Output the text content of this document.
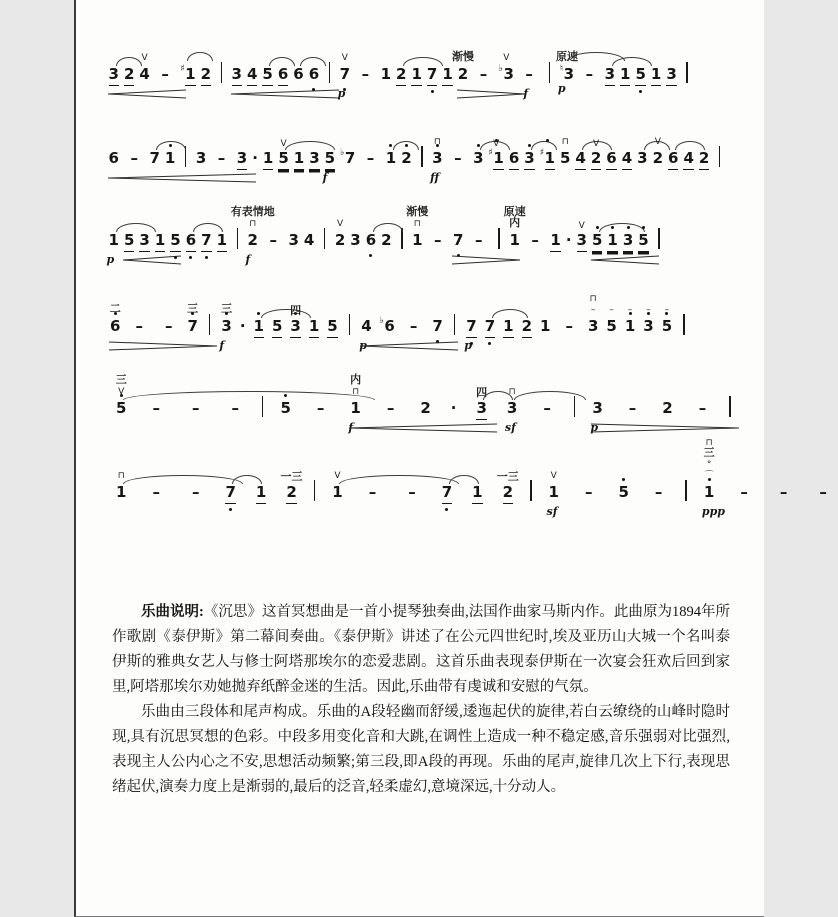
3 2 4
V
– ♯1 2 3 4 5 6 6 6 7
V
p
– 1 2 1 7 1 2
渐慢
– ♭3
V
–
f
♮3
原速
p
– 3 1 5 1 3
6 – 7 1 3 – 3 · 1 5
V
1 3 5
f
♭7 – 1 2 3
⊓
ff
– 3 ♯1
V
6 3 ♯1 5
⊓
4 2
V
6 4 3 2
V
6 4 2
1
p
5 3 1 5 6 7 1 2
⊓
有表情地
f
– 3 4 2
V
3 6 2 1
⊓
渐慢
– 7 – 1
内
原速
– 1 · 3
V
5 1 3 5
6
二
– – 7
三
3
三
f
· 1 5 3
四
1 5 4
p
♭6 – 7 7
p
7 1 2 1 – 3
–
⊓
5
–
1
–
3
–
5
–
5
V
三
– – –	5 – 1
⊓
内
f
– 2 · 3
四
3
⊓
sf
–	3
p
– 2 –
1
⊓
– – 7 1 2
一三
1
V
– – 7 1 2
一三
1
V
sf
– 5 –	1
⌒
°
三
⊓
ppp
– – –

乐曲说明:《沉思》这首冥想曲是一首小提琴独奏曲,法国作曲家马斯内作。此曲原为1894年所作歌剧《泰伊斯》第二幕间奏曲。《泰伊斯》讲述了在公元四世纪时,埃及亚历山大城一个名叫泰伊斯的雅典女艺人与修士阿塔那埃尔的恋爱悲剧。这首乐曲表现泰伊斯在一次宴会狂欢后回到家里,阿塔那埃尔劝她拋弃纸醉金迷的生活。因此,乐曲带有虔诚和安慰的气氛。

乐曲由三段体和尾声构成。乐曲的A段轻幽而舒缓,逶迤起伏的旋律,若白云缭绕的山峰时隐时现,具有沉思冥想的色彩。中段多用变化音和大跳,在调性上造成一种不稳定感,音乐强弱对比强烈,表现主人公内心之不安,思想活动频繁;第三段,即A段的再现。乐曲的尾声,旋律几次上下行,表现思绪起伏,演奏力度上是渐弱的,最后的泛音,轻柔虚幻,意境深远,十分动人。
